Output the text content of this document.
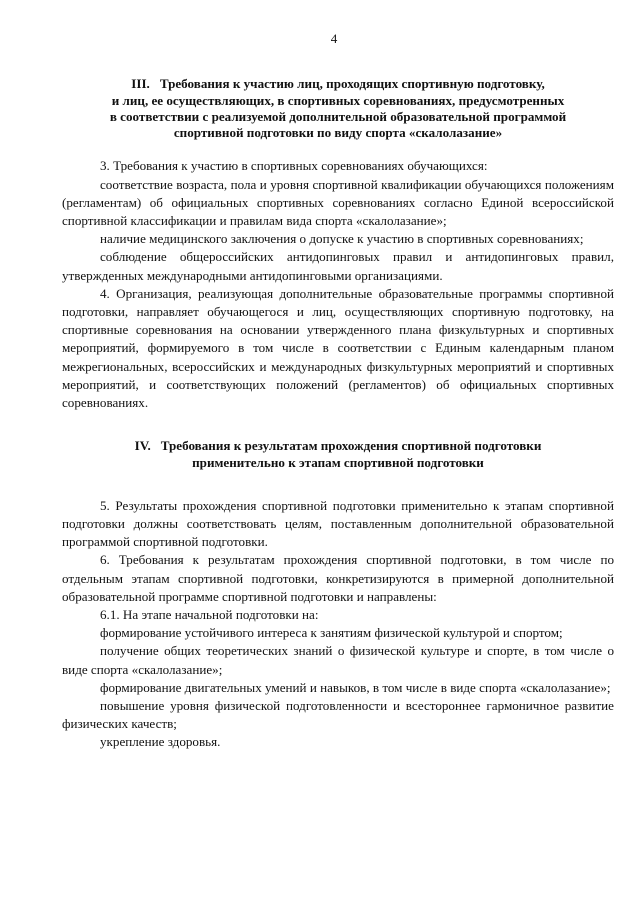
4
III. Требования к участию лиц, проходящих спортивную подготовку,
и лиц, ее осуществляющих, в спортивных соревнованиях, предусмотренных
в соответствии с реализуемой дополнительной образовательной программой
спортивной подготовки по виду спорта «скалолазание»

3. Требования к участию в спортивных соревнованиях обучающихся:

соответствие возраста, пола и уровня спортивной квалификации обучающихся положениям (регламентам) об официальных спортивных соревнованиях согласно Единой всероссийской спортивной классификации и правилам вида спорта «скалолазание»;

наличие медицинского заключения о допуске к участию в спортивных соревнованиях;

соблюдение общероссийских антидопинговых правил и антидопинговых правил, утвержденных международными антидопинговыми организациями.

4. Организация, реализующая дополнительные образовательные программы спортивной подготовки, направляет обучающегося и лиц, осуществляющих спортивную подготовку, на спортивные соревнования на основании утвержденного плана физкультурных и спортивных мероприятий, формируемого в том числе в соответствии с Единым календарным планом межрегиональных, всероссийских и международных физкультурных мероприятий и спортивных мероприятий, и соответствующих положений (регламентов) об официальных спортивных соревнованиях.

IV. Требования к результатам прохождения спортивной подготовки
применительно к этапам спортивной подготовки

5. Результаты прохождения спортивной подготовки применительно к этапам спортивной подготовки должны соответствовать целям, поставленным дополнительной образовательной программой спортивной подготовки.

6. Требования к результатам прохождения спортивной подготовки, в том числе по отдельным этапам спортивной подготовки, конкретизируются в примерной дополнительной образовательной программе спортивной подготовки и направлены:

6.1. На этапе начальной подготовки на:

формирование устойчивого интереса к занятиям физической культурой и спортом;

получение общих теоретических знаний о физической культуре и спорте, в том числе о виде спорта «скалолазание»;

формирование двигательных умений и навыков, в том числе в виде спорта «скалолазание»;

повышение уровня физической подготовленности и всестороннее гармоничное развитие физических качеств;

укрепление здоровья.
